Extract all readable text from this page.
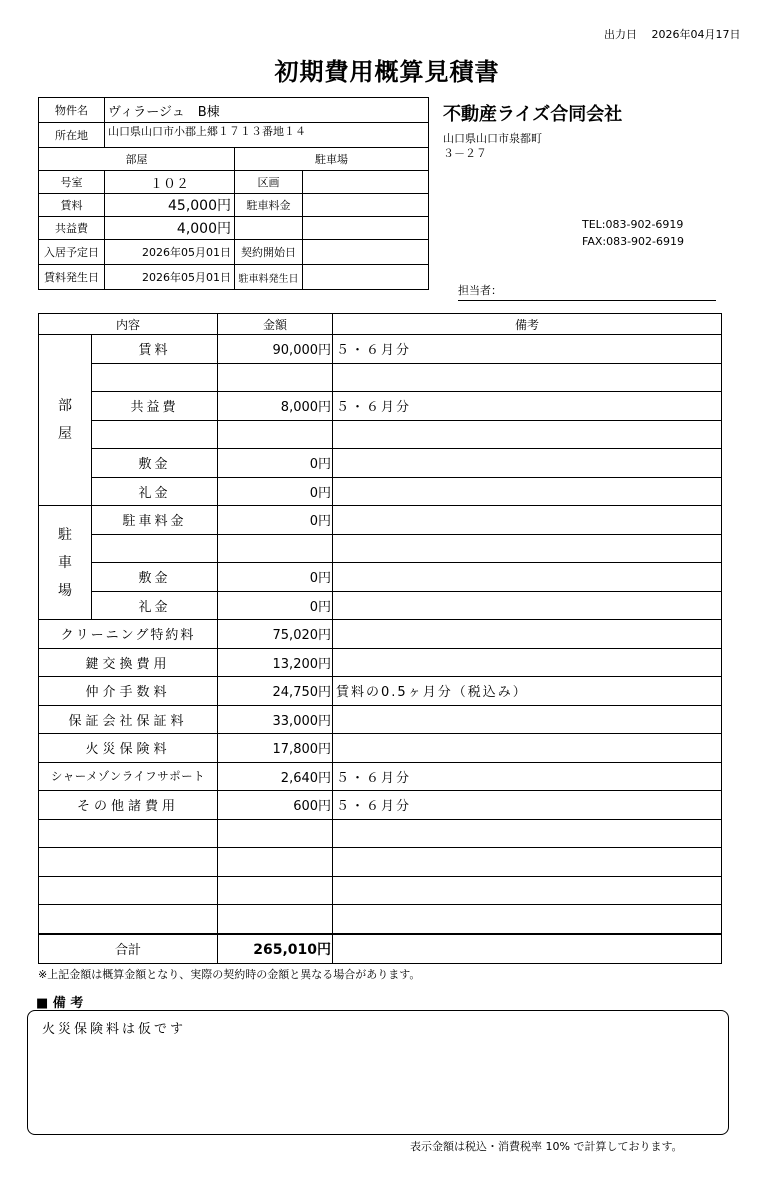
出力日　 2026年04月17日
初期費用概算見積書
物件名	ヴィラージュ　B棟		
所在地	山口県山口市小郡上郷１７１３番地１４		
部屋		駐車場	
号室	１０２	区画	
賃料	45,000円	駐車料金	
共益費	4,000円		
入居予定日	2026年05月01日	契約開始日	
賃料発生日	2026年05月01日	駐車料発生日	
不動産ライズ合同会社
山口県山口市泉都町
３－２７
TEL:083-902-6919
FAX:083-902-6919
担当者：
内容		金額	備考

部
屋	賃料	90,000円	５・６月分

	共益費	8,000円	５・６月分

	敷金	0円	
	礼金	0円	

駐
車
場	駐車料金	0円	

	敷金	0円	
	礼金	0円	
クリーニング特約料		75,020円	
鍵交換費用		13,200円	
仲介手数料		24,750円	賃料の0.5ヶ月分（税込み）
保証会社保証料		33,000円	
火災保険料		17,800円	
シャーメゾンライフサポート		2,640円	５・６月分
その他諸費用		600円	５・６月分

合計		265,010円	
※上記金額は概算金額となり、実際の契約時の金額と異なる場合があります。
■ 備 考
火災保険料は仮です
表示金額は税込・消費税率 10% で計算しております。
